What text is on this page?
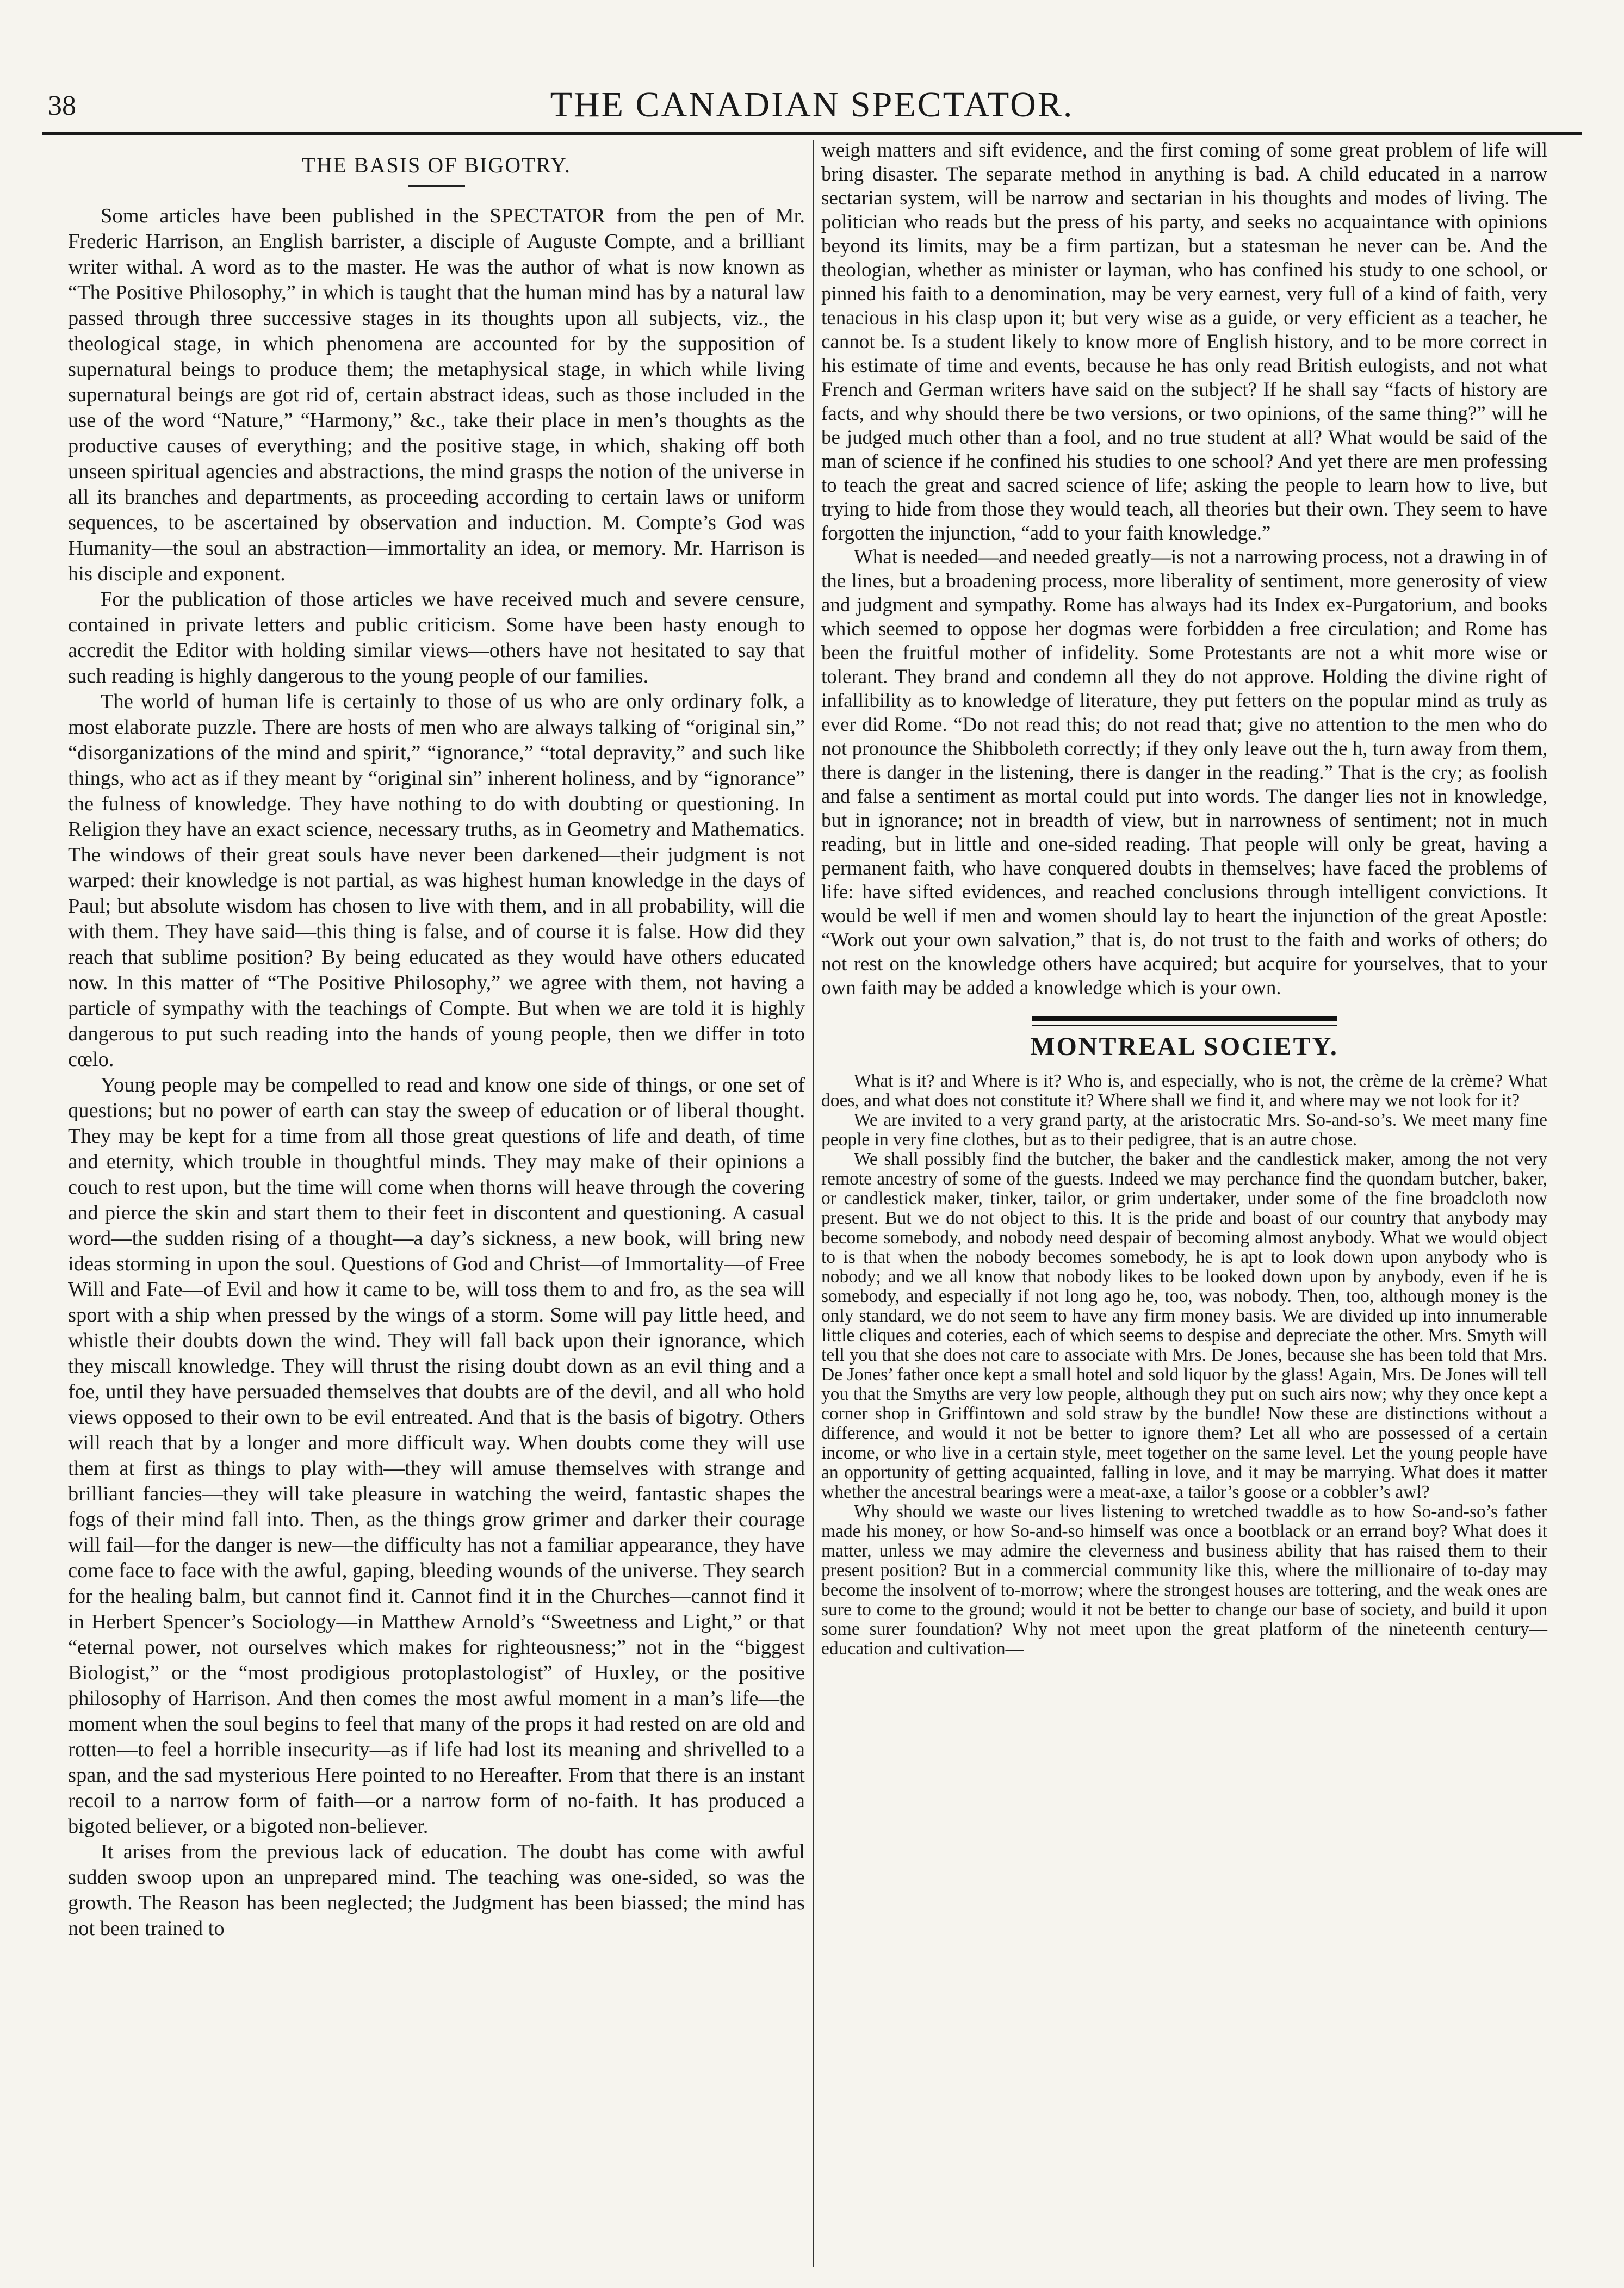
38	THE CANADIAN SPECTATOR.
THE BASIS OF BIGOTRY.

Some articles have been published in the SPECTATOR from the pen of Mr. Frederic Harrison, an English barrister, a disciple of Auguste Compte, and a brilliant writer withal. A word as to the master. He was the author of what is now known as “The Positive Philosophy,” in which is taught that the human mind has by a natural law passed through three successive stages in its thoughts upon all subjects, viz., the theological stage, in which phenomena are accounted for by the supposition of supernatural beings to produce them; the metaphysical stage, in which while living supernatural beings are got rid of, certain abstract ideas, such as those included in the use of the word “Nature,” “Harmony,” &c., take their place in men’s thoughts as the productive causes of everything; and the positive stage, in which, shaking off both unseen spiritual agencies and abstractions, the mind grasps the notion of the universe in all its branches and departments, as proceeding according to certain laws or uniform sequences, to be ascertained by observation and induction. M. Compte’s God was Humanity—the soul an abstraction—immortality an idea, or memory. Mr. Harrison is his disciple and exponent.

For the publication of those articles we have received much and severe censure, contained in private letters and public criticism. Some have been hasty enough to accredit the Editor with holding similar views—others have not hesitated to say that such reading is highly dangerous to the young people of our families.

The world of human life is certainly to those of us who are only ordinary folk, a most elaborate puzzle. There are hosts of men who are always talking of “original sin,” “disorganizations of the mind and spirit,” “ignorance,” “total depravity,” and such like things, who act as if they meant by “original sin” inherent holiness, and by “ignorance” the fulness of knowledge. They have nothing to do with doubting or questioning. In Religion they have an exact science, necessary truths, as in Geometry and Mathematics. The windows of their great souls have never been darkened—their judgment is not warped: their knowledge is not partial, as was highest human knowledge in the days of Paul; but absolute wisdom has chosen to live with them, and in all probability, will die with them. They have said—this thing is false, and of course it is false. How did they reach that sublime position? By being educated as they would have others educated now. In this matter of “The Positive Philosophy,” we agree with them, not having a particle of sympathy with the teachings of Compte. But when we are told it is highly dangerous to put such reading into the hands of young people, then we differ in toto cœlo.

Young people may be compelled to read and know one side of things, or one set of questions; but no power of earth can stay the sweep of education or of liberal thought. They may be kept for a time from all those great questions of life and death, of time and eternity, which trouble in thoughtful minds. They may make of their opinions a couch to rest upon, but the time will come when thorns will heave through the covering and pierce the skin and start them to their feet in discontent and questioning. A casual word—the sudden rising of a thought—a day’s sickness, a new book, will bring new ideas storming in upon the soul. Questions of God and Christ—of Immortality—of Free Will and Fate—of Evil and how it came to be, will toss them to and fro, as the sea will sport with a ship when pressed by the wings of a storm. Some will pay little heed, and whistle their doubts down the wind. They will fall back upon their ignorance, which they miscall knowledge. They will thrust the rising doubt down as an evil thing and a foe, until they have persuaded themselves that doubts are of the devil, and all who hold views opposed to their own to be evil entreated. And that is the basis of bigotry. Others will reach that by a longer and more difficult way. When doubts come they will use them at first as things to play with—they will amuse themselves with strange and brilliant fancies—they will take pleasure in watching the weird, fantastic shapes the fogs of their mind fall into. Then, as the things grow grimer and darker their courage will fail—for the danger is new—the difficulty has not a familiar appearance, they have come face to face with the awful, gaping, bleeding wounds of the universe. They search for the healing balm, but cannot find it. Cannot find it in the Churches—cannot find it in Herbert Spencer’s Sociology—in Matthew Arnold’s “Sweetness and Light,” or that “eternal power, not ourselves which makes for righteousness;” not in the “biggest Biologist,” or the “most prodigious protoplastologist” of Huxley, or the positive philosophy of Harrison. And then comes the most awful moment in a man’s life—the moment when the soul begins to feel that many of the props it had rested on are old and rotten—to feel a horrible insecurity—as if life had lost its meaning and shrivelled to a span, and the sad mysterious Here pointed to no Hereafter. From that there is an instant recoil to a narrow form of faith—or a narrow form of no-faith. It has produced a bigoted believer, or a bigoted non-believer.

It arises from the previous lack of education. The doubt has come with awful sudden swoop upon an unprepared mind. The teaching was one-sided, so was the growth. The Reason has been neglected; the Judgment has been biassed; the mind has not been trained to

weigh matters and sift evidence, and the first coming of some great problem of life will bring disaster. The separate method in anything is bad. A child educated in a narrow sectarian system, will be narrow and sectarian in his thoughts and modes of living. The politician who reads but the press of his party, and seeks no acquaintance with opinions beyond its limits, may be a firm partizan, but a statesman he never can be. And the theologian, whether as minister or layman, who has confined his study to one school, or pinned his faith to a denomination, may be very earnest, very full of a kind of faith, very tenacious in his clasp upon it; but very wise as a guide, or very efficient as a teacher, he cannot be. Is a student likely to know more of English history, and to be more correct in his estimate of time and events, because he has only read British eulogists, and not what French and German writers have said on the subject? If he shall say “facts of history are facts, and why should there be two versions, or two opinions, of the same thing?” will he be judged much other than a fool, and no true student at all? What would be said of the man of science if he confined his studies to one school? And yet there are men professing to teach the great and sacred science of life; asking the people to learn how to live, but trying to hide from those they would teach, all theories but their own. They seem to have forgotten the injunction, “add to your faith knowledge.”

What is needed—and needed greatly—is not a narrowing process, not a drawing in of the lines, but a broadening process, more liberality of sentiment, more generosity of view and judgment and sympathy. Rome has always had its Index ex-Purgatorium, and books which seemed to oppose her dogmas were forbidden a free circulation; and Rome has been the fruitful mother of infidelity. Some Protestants are not a whit more wise or tolerant. They brand and condemn all they do not approve. Holding the divine right of infallibility as to knowledge of literature, they put fetters on the popular mind as truly as ever did Rome. “Do not read this; do not read that; give no attention to the men who do not pronounce the Shibboleth correctly; if they only leave out the h, turn away from them, there is danger in the listening, there is danger in the reading.” That is the cry; as foolish and false a sentiment as mortal could put into words. The danger lies not in knowledge, but in ignorance; not in breadth of view, but in narrowness of sentiment; not in much reading, but in little and one-sided reading. That people will only be great, having a permanent faith, who have conquered doubts in themselves; have faced the problems of life: have sifted evidences, and reached conclusions through intelligent convictions. It would be well if men and women should lay to heart the injunction of the great Apostle: “Work out your own salvation,” that is, do not trust to the faith and works of others; do not rest on the knowledge others have acquired; but acquire for yourselves, that to your own faith may be added a knowledge which is your own.

MONTREAL SOCIETY.

What is it? and Where is it? Who is, and especially, who is not, the crème de la crème? What does, and what does not constitute it? Where shall we find it, and where may we not look for it?

We are invited to a very grand party, at the aristocratic Mrs. So-and-so’s. We meet many fine people in very fine clothes, but as to their pedigree, that is an autre chose.

We shall possibly find the butcher, the baker and the candlestick maker, among the not very remote ancestry of some of the guests. Indeed we may perchance find the quondam butcher, baker, or candlestick maker, tinker, tailor, or grim undertaker, under some of the fine broadcloth now present. But we do not object to this. It is the pride and boast of our country that anybody may become somebody, and nobody need despair of becoming almost anybody. What we would object to is that when the nobody becomes somebody, he is apt to look down upon anybody who is nobody; and we all know that nobody likes to be looked down upon by anybody, even if he is somebody, and especially if not long ago he, too, was nobody. Then, too, although money is the only standard, we do not seem to have any firm money basis. We are divided up into innumerable little cliques and coteries, each of which seems to despise and depreciate the other. Mrs. Smyth will tell you that she does not care to associate with Mrs. De Jones, because she has been told that Mrs. De Jones’ father once kept a small hotel and sold liquor by the glass! Again, Mrs. De Jones will tell you that the Smyths are very low people, although they put on such airs now; why they once kept a corner shop in Griffintown and sold straw by the bundle! Now these are distinctions without a difference, and would it not be better to ignore them? Let all who are possessed of a certain income, or who live in a certain style, meet together on the same level. Let the young people have an opportunity of getting acquainted, falling in love, and it may be marrying. What does it matter whether the ancestral bearings were a meat-axe, a tailor’s goose or a cobbler’s awl?

Why should we waste our lives listening to wretched twaddle as to how So-and-so’s father made his money, or how So-and-so himself was once a bootblack or an errand boy? What does it matter, unless we may admire the cleverness and business ability that has raised them to their present position? But in a commercial community like this, where the millionaire of to-day may become the insolvent of to-morrow; where the strongest houses are tottering, and the weak ones are sure to come to the ground; would it not be better to change our base of society, and build it upon some surer foundation? Why not meet upon the great platform of the nineteenth century—education and cultivation—
